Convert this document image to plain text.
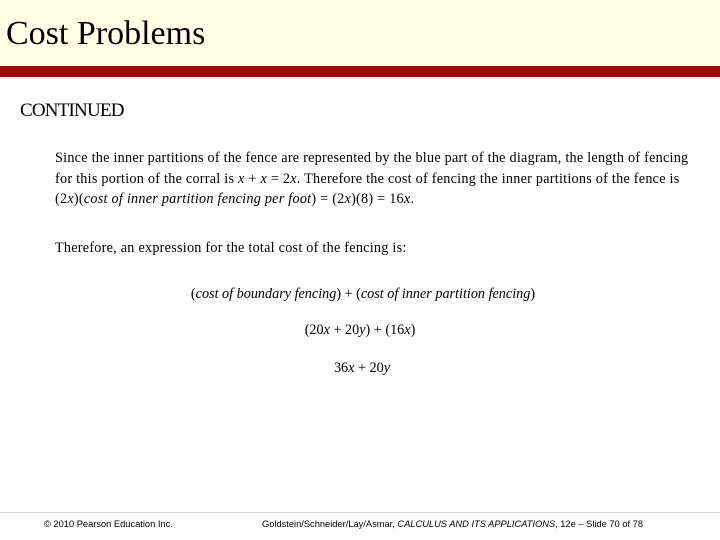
Cost Problems
CONTINUED
Since the inner partitions of the fence are represented by the blue part of the diagram, the length of fencing for this portion of the corral is x + x = 2x. Therefore the cost of fencing the inner partitions of the fence is (2x)(cost of inner partition fencing per foot) = (2x)(8) = 16x.
Therefore, an expression for the total cost of the fencing is:
(cost of boundary fencing) + (cost of inner partition fencing)
(20x + 20y) + (16x)
36x + 20y
© 2010 Pearson Education Inc.	Goldstein/Schneider/Lay/Asmar, CALCULUS AND ITS APPLICATIONS, 12e – Slide 70 of 78
